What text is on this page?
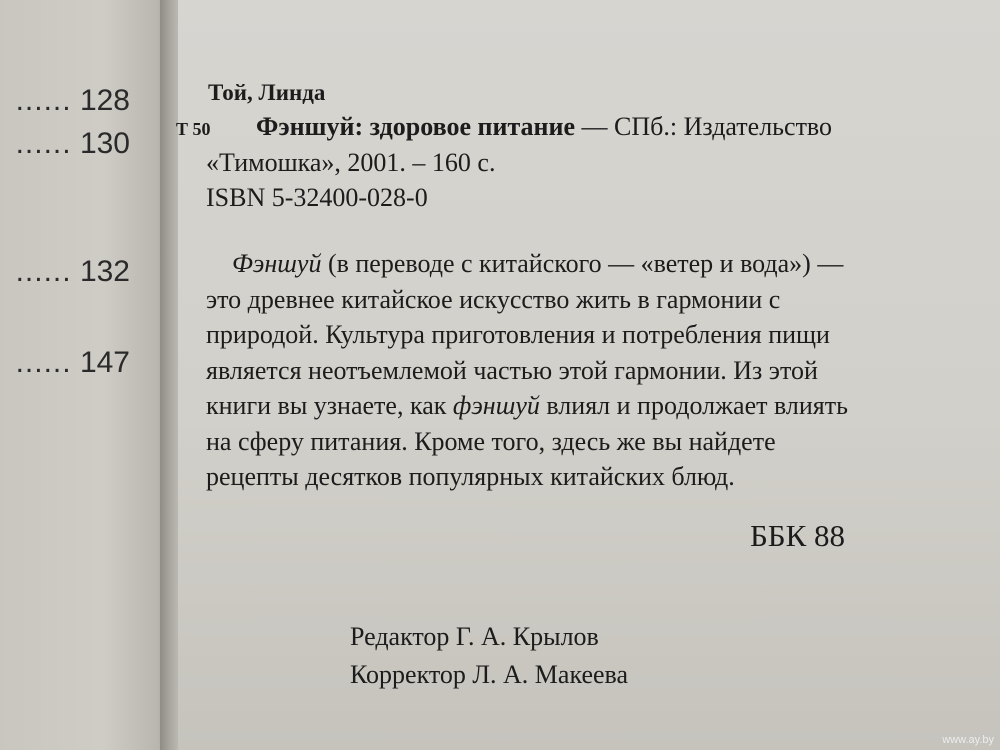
...... 128
...... 130
...... 132
...... 147
Той, Линда
Т 50 Фэншуй: здоровое питание — СПб.: Издательство
«Тимошка», 2001. – 160 с.
ISBN 5-32400-028-0
Фэншуй (в переводе с китайского — «ветер и вода») —
это древнее китайское искусство жить в гармонии с
природой. Культура приготовления и потребления пищи
является неотъемлемой частью этой гармонии. Из этой
книги вы узнаете, как фэншуй влиял и продолжает влиять
на сферу питания. Кроме того, здесь же вы найдете
рецепты десятков популярных китайских блюд.
ББК 88
Редактор Г. А. Крылов
Корректор Л. А. Макеева
www.ay.by
